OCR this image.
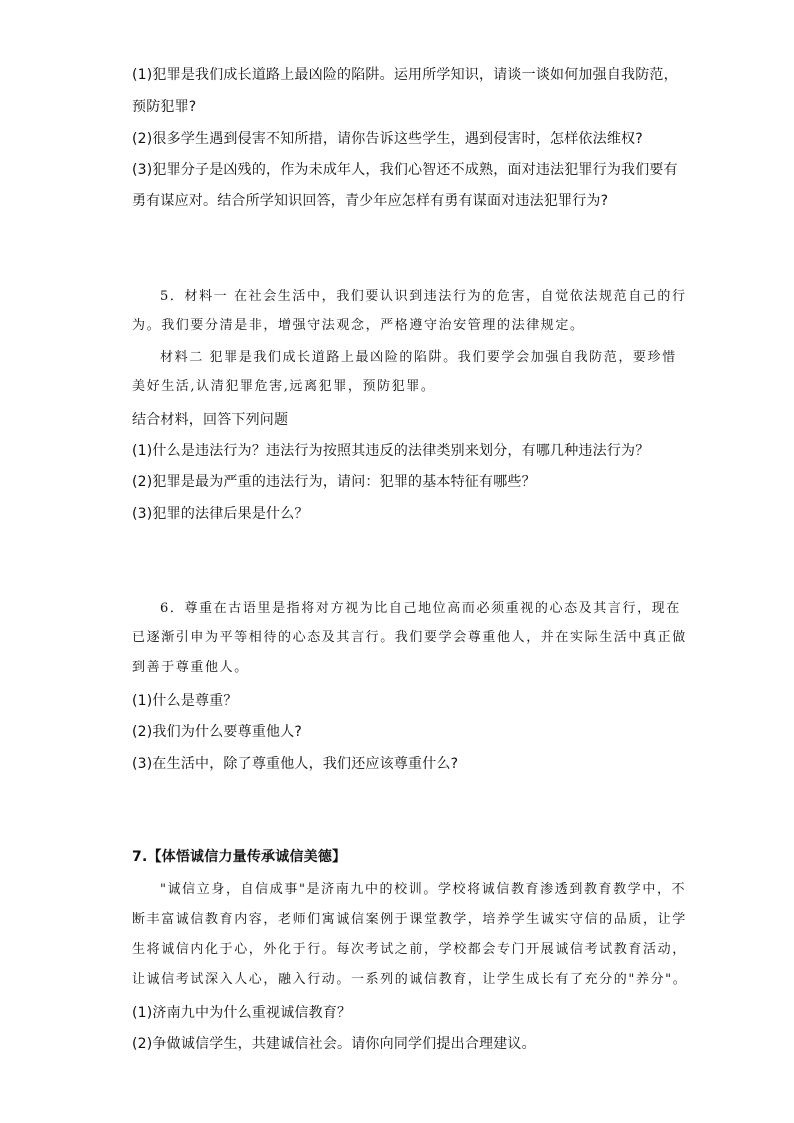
(1)犯罪是我们成长道路上最凶险的陷阱。运用所学知识，请谈一谈如何加强自我防范，
预防犯罪?
(2)很多学生遇到侵害不知所措，请你告诉这些学生，遇到侵害时，怎样依法维权?
(3)犯罪分子是凶残的，作为未成年人，我们心智还不成熟，面对违法犯罪行为我们要有
勇有谋应对。结合所学知识回答，青少年应怎样有勇有谋面对违法犯罪行为?
5．材料一 在社会生活中，我们要认识到违法行为的危害，自觉依法规范自己的行
为。我们要分清是非，增强守法观念，严格遵守治安管理的法律规定。
材料二 犯罪是我们成长道路上最凶险的陷阱。我们要学会加强自我防范，要珍惜
美好生活,认清犯罪危害,远离犯罪，预防犯罪。
结合材料，回答下列问题
(1)什么是违法行为？违法行为按照其违反的法律类别来划分，有哪几种违法行为？
(2)犯罪是最为严重的违法行为，请问：犯罪的基本特征有哪些？
(3)犯罪的法律后果是什么？
6．尊重在古语里是指将对方视为比自己地位高而必须重视的心态及其言行，现在
已逐渐引申为平等相待的心态及其言行。我们要学会尊重他人，并在实际生活中真正做
到善于尊重他人。
(1)什么是尊重？
(2)我们为什么要尊重他人?
(3)在生活中，除了尊重他人，我们还应该尊重什么?
7.【体悟诚信力量传承诚信美德】
"诚信立身，自信成事"是济南九中的校训。学校将诚信教育渗透到教育教学中，不
断丰富诚信教育内容，老师们寓诚信案例于课堂教学，培养学生诚实守信的品质，让学
生将诚信内化于心，外化于行。每次考试之前，学校都会专门开展诚信考试教育活动，
让诚信考试深入人心，融入行动。一系列的诚信教育，让学生成长有了充分的"养分"。
(1)济南九中为什么重视诚信教育？
(2)争做诚信学生，共建诚信社会。请你向同学们提出合理建议。
